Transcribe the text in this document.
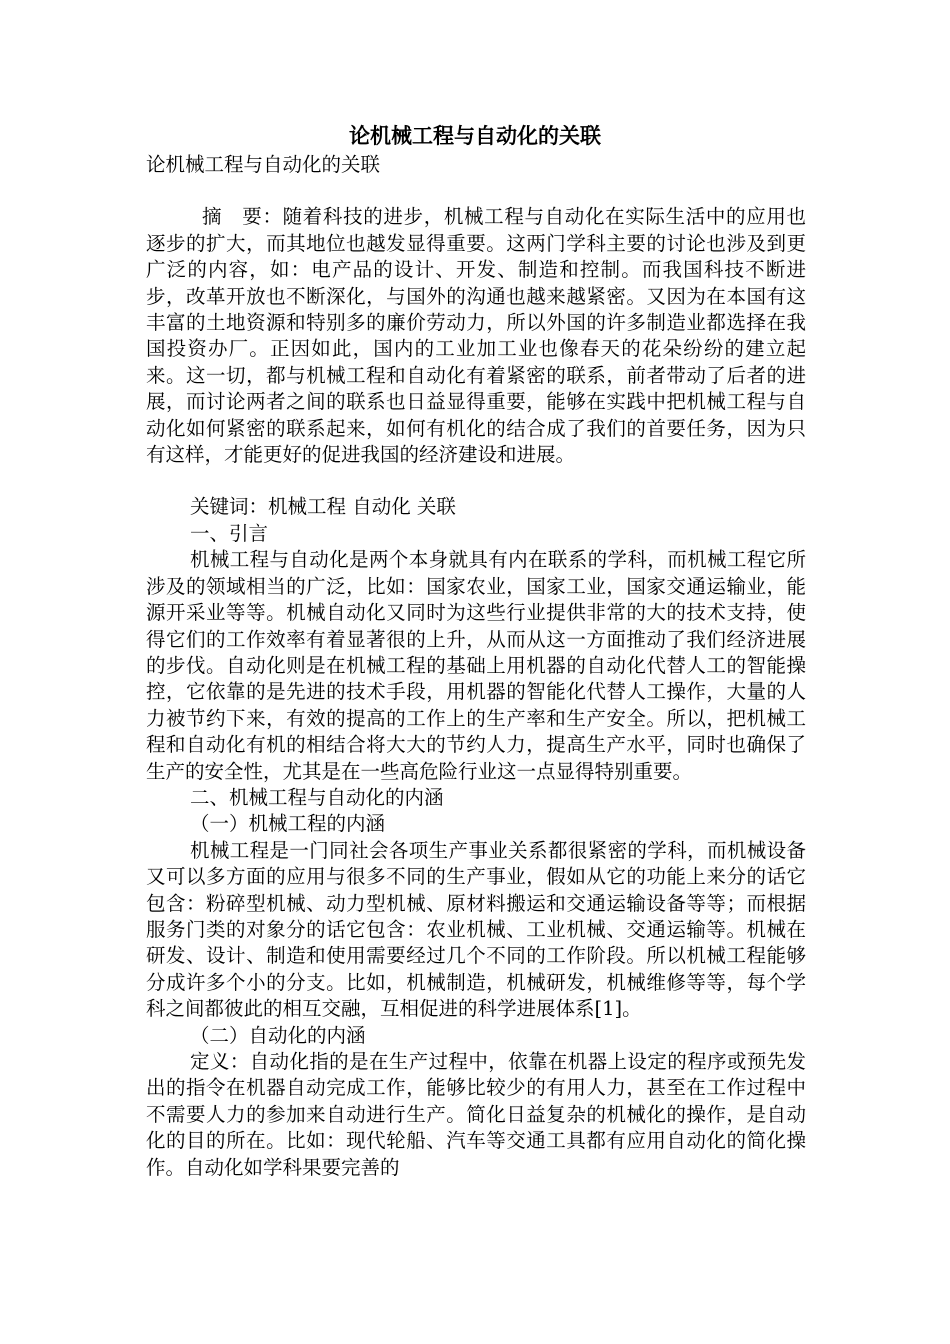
论机械工程与自动化的关联

论机械工程与自动化的关联

摘　要：随着科技的进步，机械工程与自动化在实际生活中的应用也逐步的扩大，而其地位也越发显得重要。这两门学科主要的讨论也涉及到更广泛的内容，如：电产品的设计、开发、制造和控制。而我国科技不断进步，改革开放也不断深化，与国外的沟通也越来越紧密。又因为在本国有这丰富的土地资源和特别多的廉价劳动力，所以外国的许多制造业都选择在我国投资办厂。正因如此，国内的工业加工业也像春天的花朵纷纷的建立起来。这一切，都与机械工程和自动化有着紧密的联系，前者带动了后者的进展，而讨论两者之间的联系也日益显得重要，能够在实践中把机械工程与自动化如何紧密的联系起来，如何有机化的结合成了我们的首要任务，因为只有这样，才能更好的促进我国的经济建设和进展。

关键词：机械工程 自动化 关联

一、引言

机械工程与自动化是两个本身就具有内在联系的学科，而机械工程它所涉及的领域相当的广泛，比如：国家农业，国家工业，国家交通运输业，能源开采业等等。机械自动化又同时为这些行业提供非常的大的技术支持，使得它们的工作效率有着显著很的上升，从而从这一方面推动了我们经济进展的步伐。自动化则是在机械工程的基础上用机器的自动化代替人工的智能操控，它依靠的是先进的技术手段，用机器的智能化代替人工操作，大量的人力被节约下来，有效的提高的工作上的生产率和生产安全。所以，把机械工程和自动化有机的相结合将大大的节约人力，提高生产水平，同时也确保了生产的安全性，尤其是在一些高危险行业这一点显得特别重要。

二、机械工程与自动化的内涵

（一）机械工程的内涵

机械工程是一门同社会各项生产事业关系都很紧密的学科，而机械设备又可以多方面的应用与很多不同的生产事业，假如从它的功能上来分的话它包含：粉碎型机械、动力型机械、原材料搬运和交通运输设备等等；而根据服务门类的对象分的话它包含：农业机械、工业机械、交通运输等。机械在研发、设计、制造和使用需要经过几个不同的工作阶段。所以机械工程能够分成许多个小的分支。比如，机械制造，机械研发，机械维修等等，每个学科之间都彼此的相互交融，互相促进的科学进展体系[1]。

（二）自动化的内涵

定义：自动化指的是在生产过程中，依靠在机器上设定的程序或预先发出的指令在机器自动完成工作，能够比较少的有用人力，甚至在工作过程中不需要人力的参加来自动进行生产。简化日益复杂的机械化的操作，是自动化的目的所在。比如：现代轮船、汽车等交通工具都有应用自动化的简化操作。自动化如学科果要完善的
